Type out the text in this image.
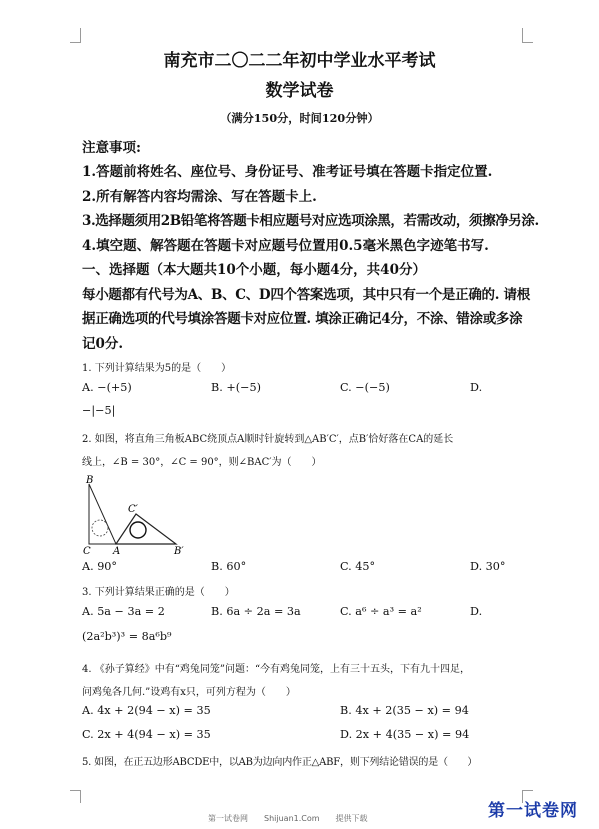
南充市二〇二二年初中学业水平考试
数学试卷
（满分150分，时间120分钟）
注意事项:
1.答题前将姓名、座位号、身份证号、准考证号填在答题卡指定位置.
2.所有解答内容均需涂、写在答题卡上.
3.选择题须用2B铅笔将答题卡相应题号对应选项涂黑，若需改动，须擦净另涂.
4.填空题、解答题在答题卡对应题号位置用0.5毫米黑色字迹笔书写.
一、选择题（本大题共10个小题，每小题4分，共40分）
每小题都有代号为A、B、C、D四个答案选项，其中只有一个是正确的. 请根
据正确选项的代号填涂答题卡对应位置. 填涂正确记4分，不涂、错涂或多涂
记0分.
1. 下列计算结果为5的是（　　）
A. −(+5)	B. +(−5)	C. −(−5)	D.
−|−5|
2. 如图，将直角三角板ABC绕顶点A顺时针旋转到△AB′C′，点B′恰好落在CA的延长
线上，∠B = 30°，∠C = 90°，则∠BAC′为（　　）
B
C A
C′
B′
A. 90°	B. 60°	C. 45°	D. 30°
3. 下列计算结果正确的是（　　）
A. 5a − 3a = 2	B. 6a ÷ 2a = 3a	C. a⁶ ÷ a³ = a²	D.
(2a²b³)³ = 8a⁶b⁹
4. 《孙子算经》中有“鸡兔同笼”问题：“今有鸡兔同笼，上有三十五头，下有九十四足，
问鸡兔各几何.”设鸡有x只，可列方程为（　　）
A. 4x + 2(94 − x) = 35	B. 4x + 2(35 − x) = 94
C. 2x + 4(94 − x) = 35	D. 2x + 4(35 − x) = 94
5. 如图，在正五边形ABCDE中，以AB为边向内作正△ABF，则下列结论错误的是（　　）
第一试卷网　　Shijuan1.Com　　提供下载	第一试卷网
